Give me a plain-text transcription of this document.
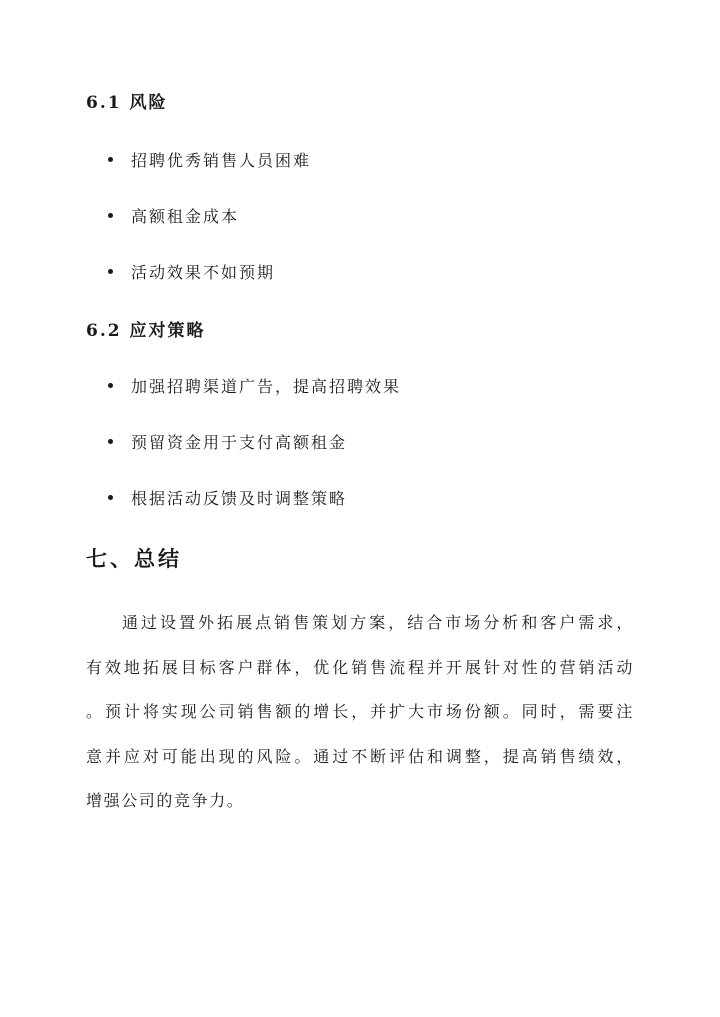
6.1 风险
招聘优秀销售人员困难
高额租金成本
活动效果不如预期
6.2 应对策略
加强招聘渠道广告，提高招聘效果
预留资金用于支付高额租金
根据活动反馈及时调整策略
七、总结

通过设置外拓展点销售策划方案，结合市场分析和客户需求，

有效地拓展目标客户群体，优化销售流程并开展针对性的营销活动

。预计将实现公司销售额的增长，并扩大市场份额。同时，需要注

意并应对可能出现的风险。通过不断评估和调整，提高销售绩效，

增强公司的竞争力。
